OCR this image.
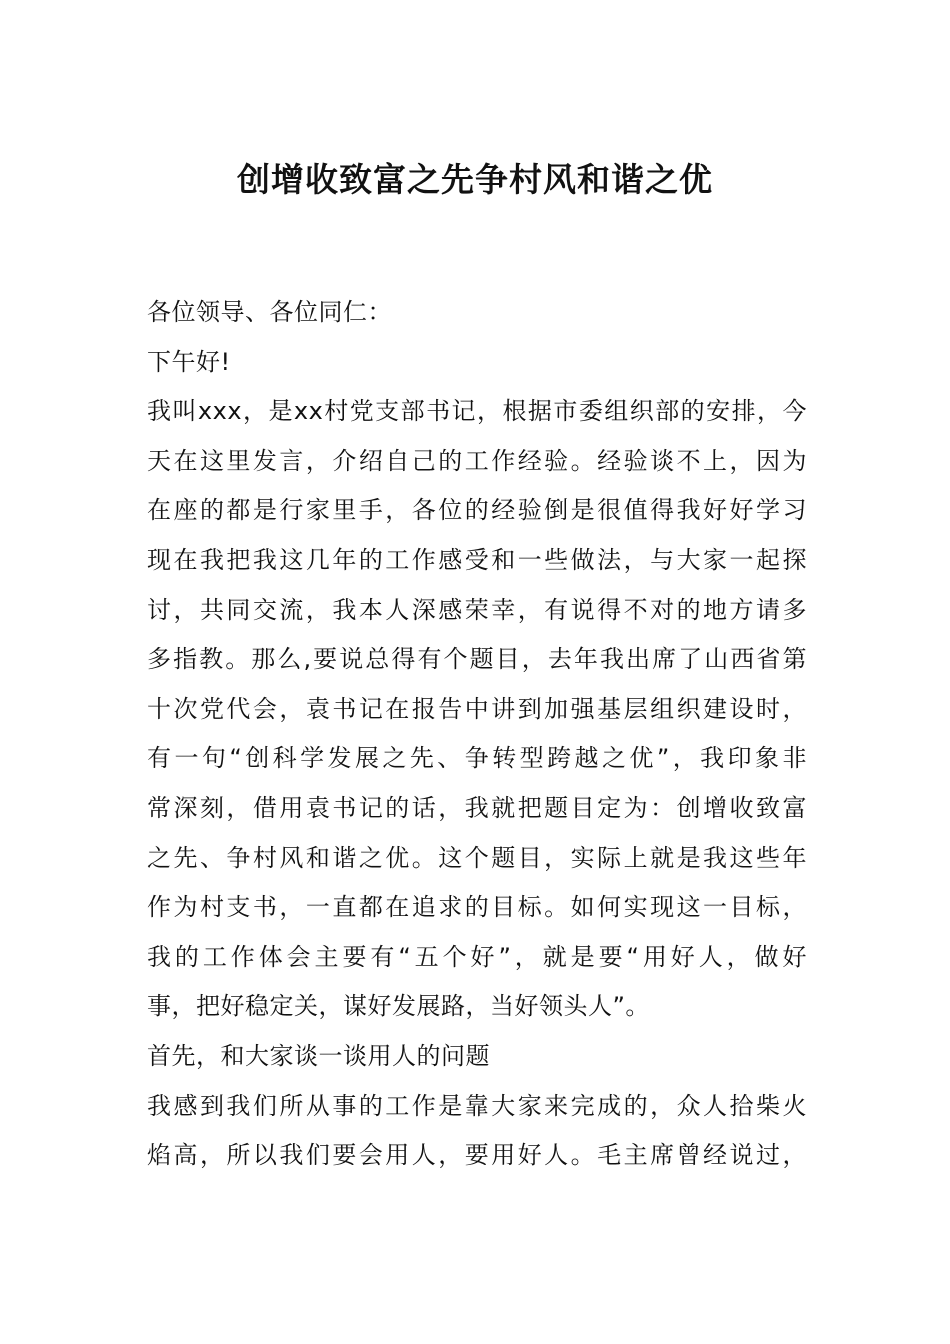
创增收致富之先争村风和谐之优
各位领导、各位同仁：
下午好!
我叫xxx，是xx村党支部书记，根据市委组织部的安排，今
天在这里发言，介绍自己的工作经验。经验谈不上，因为
在座的都是行家里手，各位的经验倒是很值得我好好学习
现在我把我这几年的工作感受和一些做法，与大家一起探
讨，共同交流，我本人深感荣幸，有说得不对的地方请多
多指教。那么,要说总得有个题目，去年我出席了山西省第
十次党代会，袁书记在报告中讲到加强基层组织建设时，
有一句“创科学发展之先、争转型跨越之优”，我印象非
常深刻，借用袁书记的话，我就把题目定为：创增收致富
之先、争村风和谐之优。这个题目，实际上就是我这些年
作为村支书，一直都在追求的目标。如何实现这一目标，
我的工作体会主要有“五个好”，就是要“用好人，做好
事，把好稳定关，谋好发展路，当好领头人”。
首先，和大家谈一谈用人的问题
我感到我们所从事的工作是靠大家来完成的，众人拾柴火
焰高，所以我们要会用人，要用好人。毛主席曾经说过，
